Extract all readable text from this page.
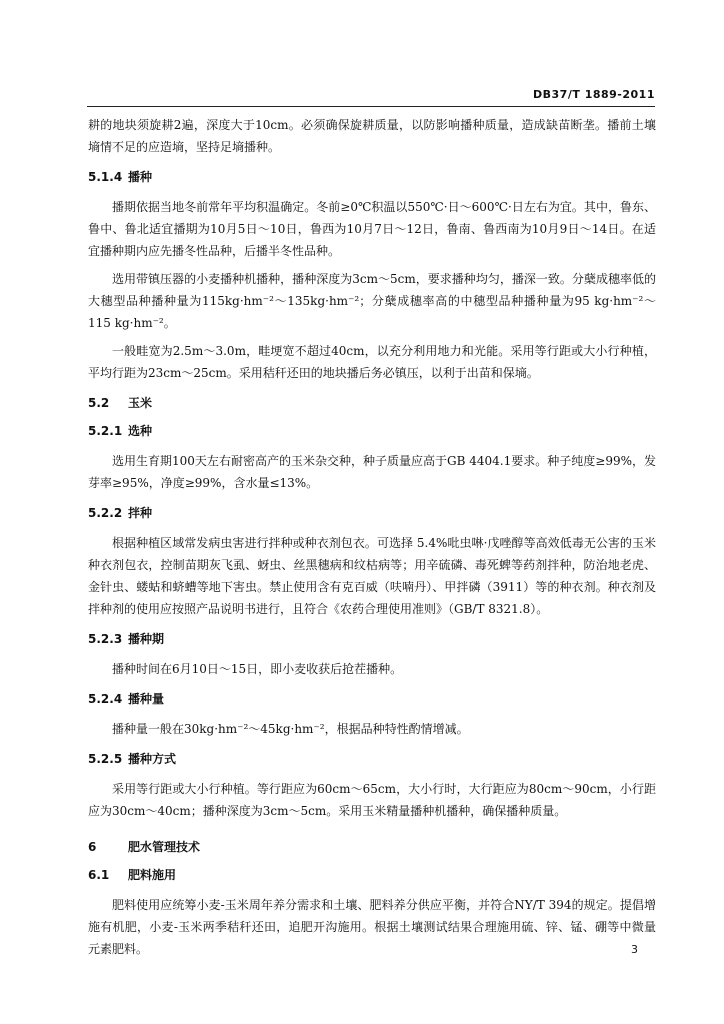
DB37/T 1889-2011

耕的地块须旋耕2遍，深度大于10cm。必须确保旋耕质量，以防影响播种质量，造成缺苗断垄。播前土壤墒情不足的应造墒，坚持足墒播种。

5.1.4 播种

播期依据当地冬前常年平均积温确定。冬前≥0℃积温以550℃·日～600℃·日左右为宜。其中，鲁东、鲁中、鲁北适宜播期为10月5日～10日，鲁西为10月7日～12日，鲁南、鲁西南为10月9日～14日。在适宜播种期内应先播冬性品种，后播半冬性品种。

选用带镇压器的小麦播种机播种，播种深度为3cm～5cm，要求播种均匀，播深一致。分蘖成穗率低的大穗型品种播种量为115kg·hm⁻²～135kg·hm⁻²；分蘖成穗率高的中穗型品种播种量为95 kg·hm⁻²～115 kg·hm⁻²。

一般畦宽为2.5m～3.0m，畦埂宽不超过40cm，以充分利用地力和光能。采用等行距或大小行种植，平均行距为23cm～25cm。采用秸秆还田的地块播后务必镇压，以利于出苗和保墒。

5.2 玉米
5.2.1 选种

选用生育期100天左右耐密高产的玉米杂交种，种子质量应高于GB 4404.1要求。种子纯度≥99%，发芽率≥95%，净度≥99%，含水量≤13%。

5.2.2 拌种

根据种植区域常发病虫害进行拌种或种衣剂包衣。可选择 5.4%吡虫啉·戊唑醇等高效低毒无公害的玉米种衣剂包衣，控制苗期灰飞虱、蚜虫、丝黑穗病和纹枯病等；用辛硫磷、毒死蜱等药剂拌种，防治地老虎、金针虫、蝼蛄和蛴螬等地下害虫。禁止使用含有克百威（呋喃丹）、甲拌磷（3911）等的种衣剂。种衣剂及拌种剂的使用应按照产品说明书进行，且符合《农药合理使用准则》（GB/T 8321.8）。

5.2.3 播种期

播种时间在6月10日～15日，即小麦收获后抢茬播种。

5.2.4 播种量

播种量一般在30kg·hm⁻²～45kg·hm⁻²，根据品种特性酌情增减。

5.2.5 播种方式

采用等行距或大小行种植。等行距应为60cm～65cm，大小行时，大行距应为80cm～90cm，小行距应为30cm～40cm；播种深度为3cm～5cm。采用玉米精量播种机播种，确保播种质量。

6	肥水管理技术
6.1 肥料施用

肥料使用应统筹小麦-玉米周年养分需求和土壤、肥料养分供应平衡，并符合NY/T 394的规定。提倡增施有机肥，小麦-玉米两季秸秆还田，追肥开沟施用。根据土壤测试结果合理施用硫、锌、锰、硼等中微量元素肥料。	3
